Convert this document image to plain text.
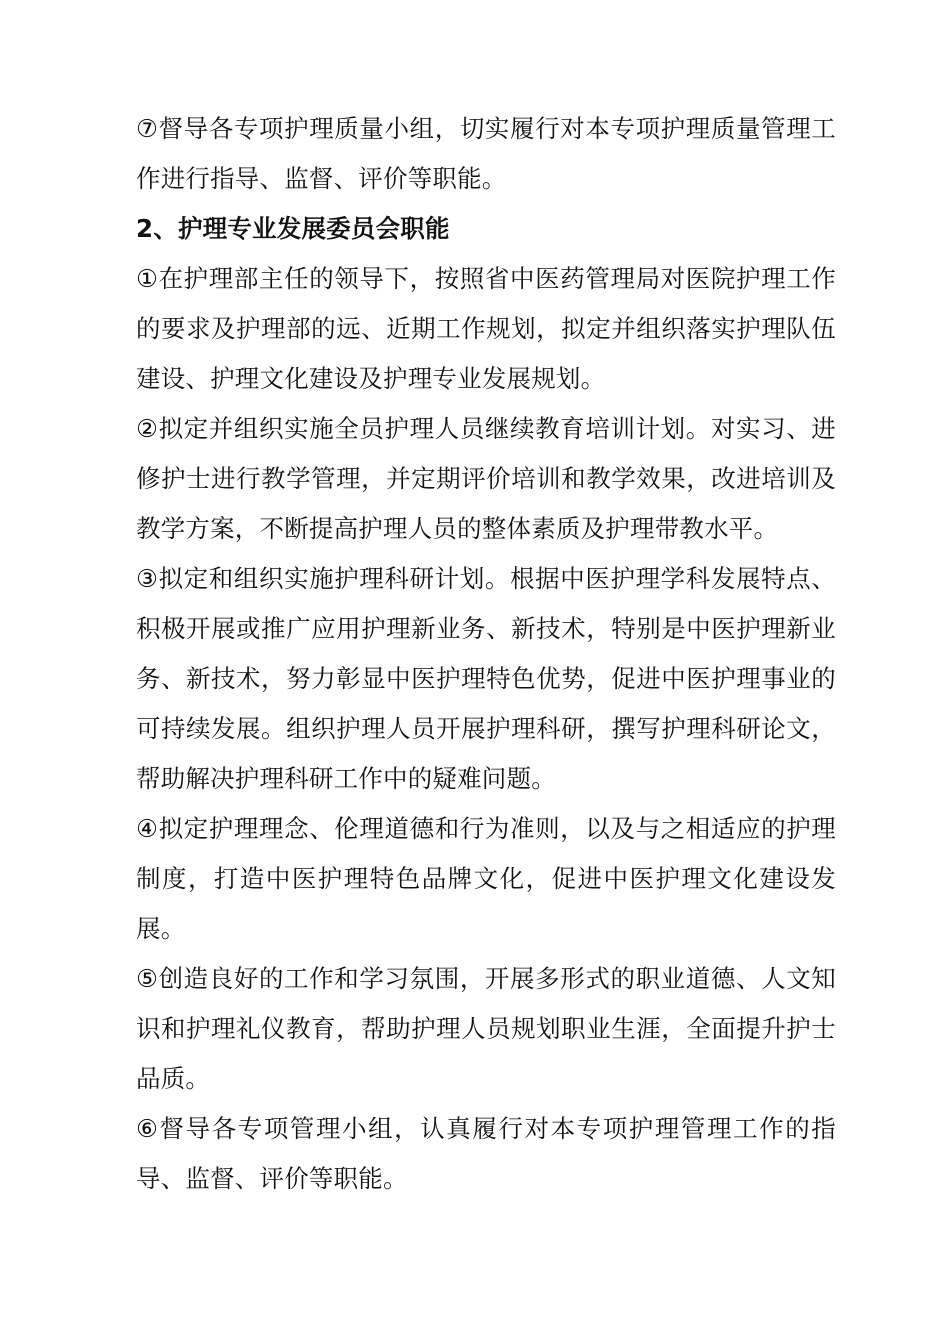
⑦督导各专项护理质量小组，切实履行对本专项护理质量管理工作进行指导、监督、评价等职能。

2、护理专业发展委员会职能

①在护理部主任的领导下，按照省中医药管理局对医院护理工作的要求及护理部的远、近期工作规划，拟定并组织落实护理队伍建设、护理文化建设及护理专业发展规划。

②拟定并组织实施全员护理人员继续教育培训计划。对实习、进修护士进行教学管理，并定期评价培训和教学效果，改进培训及教学方案，不断提高护理人员的整体素质及护理带教水平。

③拟定和组织实施护理科研计划。根据中医护理学科发展特点、积极开展或推广应用护理新业务、新技术，特别是中医护理新业务、新技术，努力彰显中医护理特色优势，促进中医护理事业的可持续发展。组织护理人员开展护理科研，撰写护理科研论文，帮助解决护理科研工作中的疑难问题。

④拟定护理理念、伦理道德和行为准则，以及与之相适应的护理制度，打造中医护理特色品牌文化，促进中医护理文化建设发展。

⑤创造良好的工作和学习氛围，开展多形式的职业道德、人文知识和护理礼仪教育，帮助护理人员规划职业生涯，全面提升护士品质。

⑥督导各专项管理小组，认真履行对本专项护理管理工作的指导、监督、评价等职能。
